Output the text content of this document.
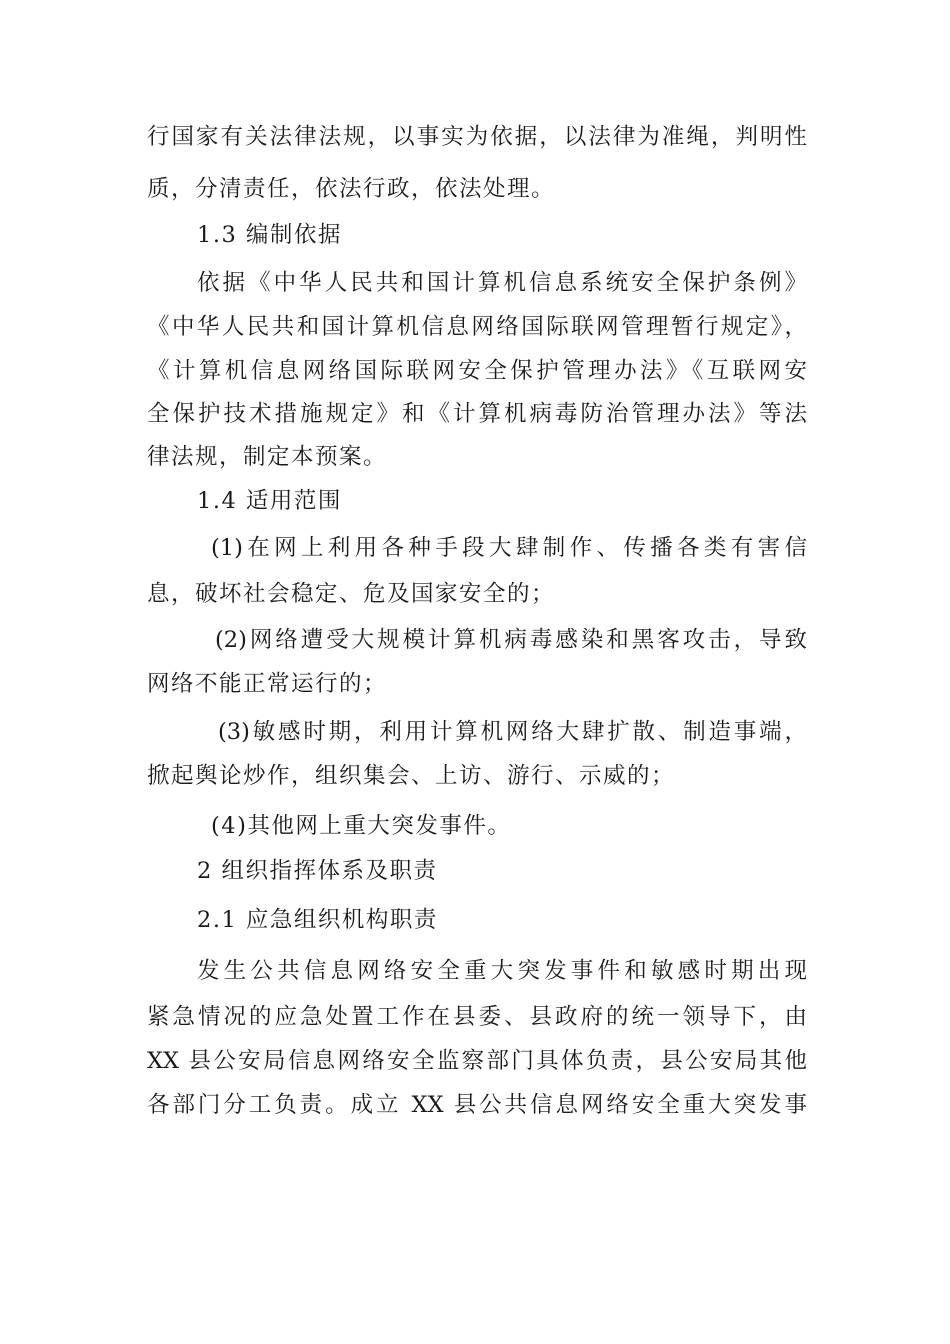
行国家有关法律法规，以事实为依据，以法律为准绳，判明性
质，分清责任，依法行政，依法处理。
1.3 编制依据
依据《中华人民共和国计算机信息系统安全保护条例》
《中华人民共和国计算机信息网络国际联网管理暂行规定》，
《计算机信息网络国际联网安全保护管理办法》《互联网安
全保护技术措施规定》和《计算机病毒防治管理办法》等法
律法规，制定本预案。
1.4 适用范围
(1)在网上利用各种手段大肆制作、传播各类有害信
息，破坏社会稳定、危及国家安全的；
(2)网络遭受大规模计算机病毒感染和黑客攻击，导致
网络不能正常运行的；
(3)敏感时期，利用计算机网络大肆扩散、制造事端，
掀起舆论炒作，组织集会、上访、游行、示威的；
(4)其他网上重大突发事件。
2 组织指挥体系及职责
2.1 应急组织机构职责
发生公共信息网络安全重大突发事件和敏感时期出现
紧急情况的应急处置工作在县委、县政府的统一领导下，由
XX 县公安局信息网络安全监察部门具体负责，县公安局其他
各部门分工负责。成立 XX 县公共信息网络安全重大突发事
